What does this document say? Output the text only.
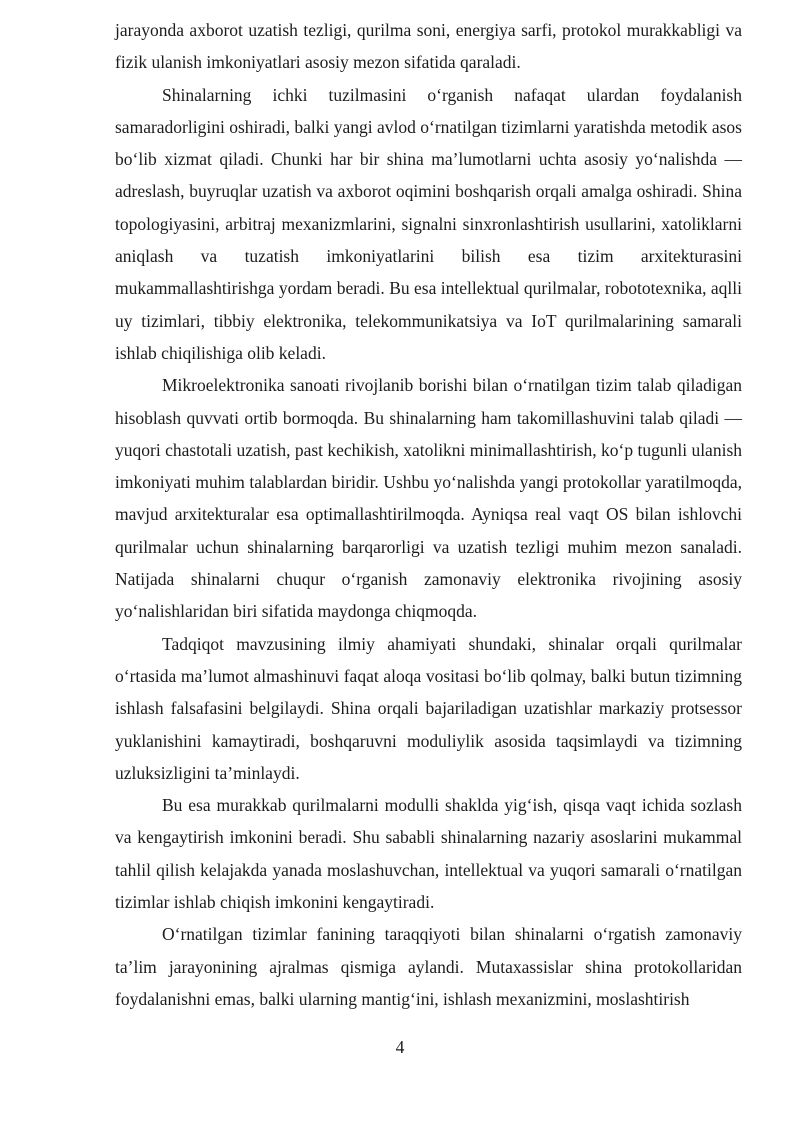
jarayonda axborot uzatish tezligi, qurilma soni, energiya sarfi, protokol murakkabligi va fizik ulanish imkoniyatlari asosiy mezon sifatida qaraladi.

Shinalarning ichki tuzilmasini o‘rganish nafaqat ulardan foydalanish samaradorligini oshiradi, balki yangi avlod o‘rnatilgan tizimlarni yaratishda metodik asos bo‘lib xizmat qiladi. Chunki har bir shina ma’lumotlarni uchta asosiy yo‘nalishda — adreslash, buyruqlar uzatish va axborot oqimini boshqarish orqali amalga oshiradi. Shina topologiyasini, arbitraj mexanizmlarini, signalni sinxronlashtirish usullarini, xatoliklarni aniqlash va tuzatish imkoniyatlarini bilish esa tizim arxitekturasini mukammallashtirishga yordam beradi. Bu esa intellektual qurilmalar, robototexnika, aqlli uy tizimlari, tibbiy elektronika, telekommunikatsiya va IoT qurilmalarining samarali ishlab chiqilishiga olib keladi.

Mikroelektronika sanoati rivojlanib borishi bilan o‘rnatilgan tizim talab qiladigan hisoblash quvvati ortib bormoqda. Bu shinalarning ham takomillashuvini talab qiladi — yuqori chastotali uzatish, past kechikish, xatolikni minimallashtirish, ko‘p tugunli ulanish imkoniyati muhim talablardan biridir. Ushbu yo‘nalishda yangi protokollar yaratilmoqda, mavjud arxitekturalar esa optimallashtirilmoqda. Ayniqsa real vaqt OS bilan ishlovchi qurilmalar uchun shinalarning barqarorligi va uzatish tezligi muhim mezon sanaladi. Natijada shinalarni chuqur o‘rganish zamonaviy elektronika rivojining asosiy yo‘nalishlaridan biri sifatida maydonga chiqmoqda.

Tadqiqot mavzusining ilmiy ahamiyati shundaki, shinalar orqali qurilmalar o‘rtasida ma’lumot almashinuvi faqat aloqa vositasi bo‘lib qolmay, balki butun tizimning ishlash falsafasini belgilaydi. Shina orqali bajariladigan uzatishlar markaziy protsessor yuklanishini kamaytiradi, boshqaruvni moduliylik asosida taqsimlaydi va tizimning uzluksizligini ta’minlaydi.

Bu esa murakkab qurilmalarni modulli shaklda yig‘ish, qisqa vaqt ichida sozlash va kengaytirish imkonini beradi. Shu sababli shinalarning nazariy asoslarini mukammal tahlil qilish kelajakda yanada moslashuvchan, intellektual va yuqori samarali o‘rnatilgan tizimlar ishlab chiqish imkonini kengaytiradi.

O‘rnatilgan tizimlar fanining taraqqiyoti bilan shinalarni o‘rgatish zamonaviy ta’lim jarayonining ajralmas qismiga aylandi. Mutaxassislar shina protokollaridan foydalanishni emas, balki ularning mantig‘ini, ishlash mexanizmini, moslashtirish

4
